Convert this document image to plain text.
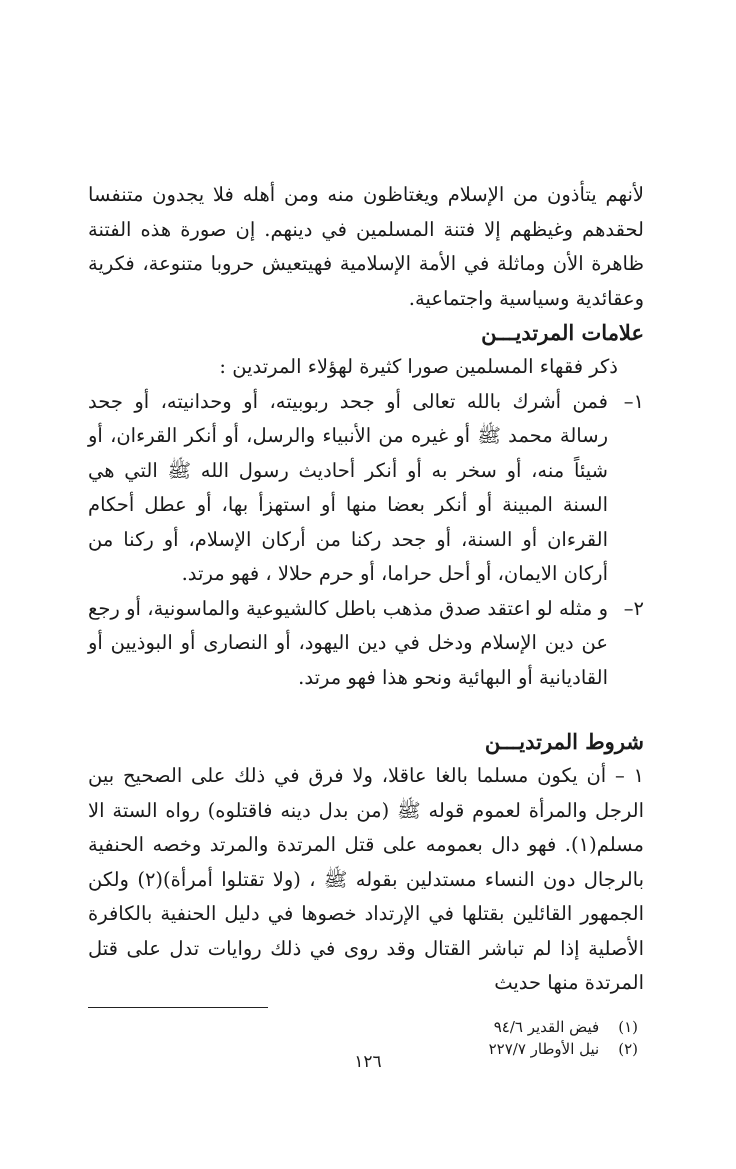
لأنهم يتأذون من الإسلام ويغتاظون منه ومن أهله فلا يجدون متنفسا لحقدهم وغيظهم إلا فتنة المسلمين في دينهم. إن صورة هذه الفتنة ظاهرة الأن وماثلة في الأمة الإسلامية فهيتعيش حروبا متنوعة، فكرية وعقائدية وسياسية واجتماعية.

علامات المرتديـــن

ذكر فقهاء المسلمين صورا كثيرة لهؤلاء المرتدين :

١–
فمن أشرك بالله تعالى أو جحد ربوبيته، أو وحدانيته، أو جحد رسالة محمد ﷺ أو غيره من الأنبياء والرسل، أو أنكر القرءان، أو شيئاً منه، أو سخر به أو أنكر أحاديث رسول الله ﷺ التي هي السنة المبينة أو أنكر بعضا منها أو استهزأ بها، أو عطل أحكام القرءان أو السنة، أو جحد ركنا من أركان الإسلام، أو ركنا من أركان الايمان، أو أحل حراما، أو حرم حلالا ، فهو مرتد.
٢–
و مثله لو اعتقد صدق مذهب باطل كالشيوعية والماسونية، أو رجع عن دين الإسلام ودخل في دين اليهود، أو النصارى أو البوذيين أو القاديانية أو البهائية ونحو هذا فهو مرتد.
شروط المرتديـــن

١ – أن يكون مسلما بالغا عاقلا، ولا فرق في ذلك على الصحيح بين الرجل والمرأة لعموم قوله ﷺ (من بدل دينه فاقتلوه) رواه الستة الا مسلم(١). فهو دال بعمومه على قتل المرتدة والمرتد وخصه الحنفية بالرجال دون النساء مستدلين بقوله ﷺ ، (ولا تقتلوا أمرأة)(٢) ولكن الجمهور القائلين بقتلها في الإرتداد خصوها في دليل الحنفية بالكافرة الأصلية إذا لم تباشر القتال وقد روى في ذلك روايات تدل على قتل المرتدة منها حديث

(١) فيض القدير ٩٤/٦
(٢) نيل الأوطار ٢٢٧/٧
١٢٦
